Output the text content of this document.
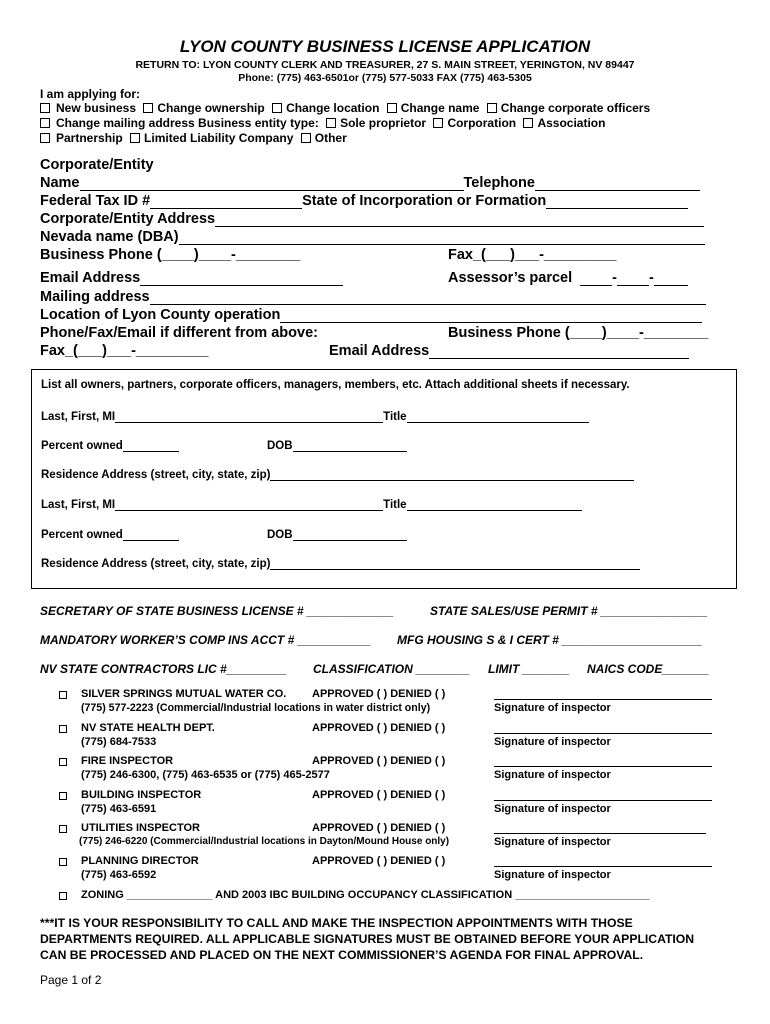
LYON COUNTY BUSINESS LICENSE APPLICATION
RETURN TO: LYON COUNTY CLERK AND TREASURER, 27 S. MAIN STREET, YERINGTON, NV 89447
Phone: (775) 463-6501or (775) 577-5033 FAX (775) 463-5305
I am applying for:
New business Change ownership Change location Change name Change corporate officers
Change mailing address Business entity type: Sole proprietor Corporation Association
Partnership Limited Liability Company Other
Corporate/Entity
Name	Telephone
Federal Tax ID #	State of Incorporation or Formation
Corporate/Entity Address
Nevada name (DBA)
Business Phone (____)____-________	Fax_(___)___-_________
Email Address	Assessor’s parcel	- -
Mailing address
Location of Lyon County operation
Phone/Fax/Email if different from above:	Business Phone (____)____-________
Fax_(___)___-_________	Email Address
List all owners, partners, corporate officers, managers, members, etc. Attach additional sheets if necessary.
Last, First, MI	Title
Percent owned	DOB
Residence Address (street, city, state, zip)
Last, First, MI	Title
Percent owned	DOB
Residence Address (street, city, state, zip)
SECRETARY OF STATE BUSINESS LICENSE # _____________	STATE SALES/USE PERMIT # ________________
MANDATORY WORKER’S COMP INS ACCT # ___________ MFG HOUSING S & I CERT # _____________________
NV STATE CONTRACTORS LIC #_________ CLASSIFICATION ________ LIMIT _______ NAICS CODE_______
SILVER SPRINGS MUTUAL WATER CO.
(775) 577-2223 (Commercial/Industrial locations in water district only)
APPROVED ( ) DENIED ( )
Signature of inspector
NV STATE HEALTH DEPT.
(775) 684-7533
APPROVED ( ) DENIED ( )
Signature of inspector
FIRE INSPECTOR
(775) 246-6300, (775) 463-6535 or (775) 465-2577
APPROVED ( ) DENIED ( )
Signature of inspector
BUILDING INSPECTOR
(775) 463-6591
APPROVED ( ) DENIED ( )
Signature of inspector
UTILITIES INSPECTOR
(775) 246-6220 (Commercial/Industrial locations in Dayton/Mound House only)
APPROVED ( ) DENIED ( )
Signature of inspector
PLANNING DIRECTOR
(775) 463-6592
APPROVED ( ) DENIED ( )
Signature of inspector
ZONING ______________ AND 2003 IBC BUILDING OCCUPANCY CLASSIFICATION ______________________
***IT IS YOUR RESPONSIBILITY TO CALL AND MAKE THE INSPECTION APPOINTMENTS WITH THOSE
DEPARTMENTS REQUIRED. ALL APPLICABLE SIGNATURES MUST BE OBTAINED BEFORE YOUR APPLICATION
CAN BE PROCESSED AND PLACED ON THE NEXT COMMISSIONER’S AGENDA FOR FINAL APPROVAL.
Page 1 of 2
